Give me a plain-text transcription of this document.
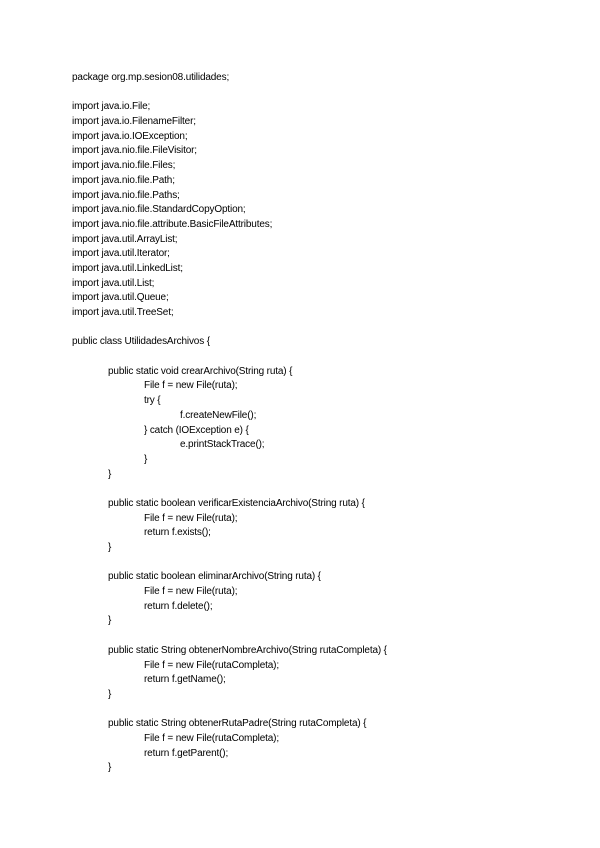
package org.mp.sesion08.utilidades;
import java.io.File;
import java.io.FilenameFilter;
import java.io.IOException;
import java.nio.file.FileVisitor;
import java.nio.file.Files;
import java.nio.file.Path;
import java.nio.file.Paths;
import java.nio.file.StandardCopyOption;
import java.nio.file.attribute.BasicFileAttributes;
import java.util.ArrayList;
import java.util.Iterator;
import java.util.LinkedList;
import java.util.List;
import java.util.Queue;
import java.util.TreeSet;
public class UtilidadesArchivos {
public static void crearArchivo(String ruta) {
File f = new File(ruta);
try {
f.createNewFile();
} catch (IOException e) {
e.printStackTrace();
}
}
public static boolean verificarExistenciaArchivo(String ruta) {
File f = new File(ruta);
return f.exists();
}
public static boolean eliminarArchivo(String ruta) {
File f = new File(ruta);
return f.delete();
}
public static String obtenerNombreArchivo(String rutaCompleta) {
File f = new File(rutaCompleta);
return f.getName();
}
public static String obtenerRutaPadre(String rutaCompleta) {
File f = new File(rutaCompleta);
return f.getParent();
}
